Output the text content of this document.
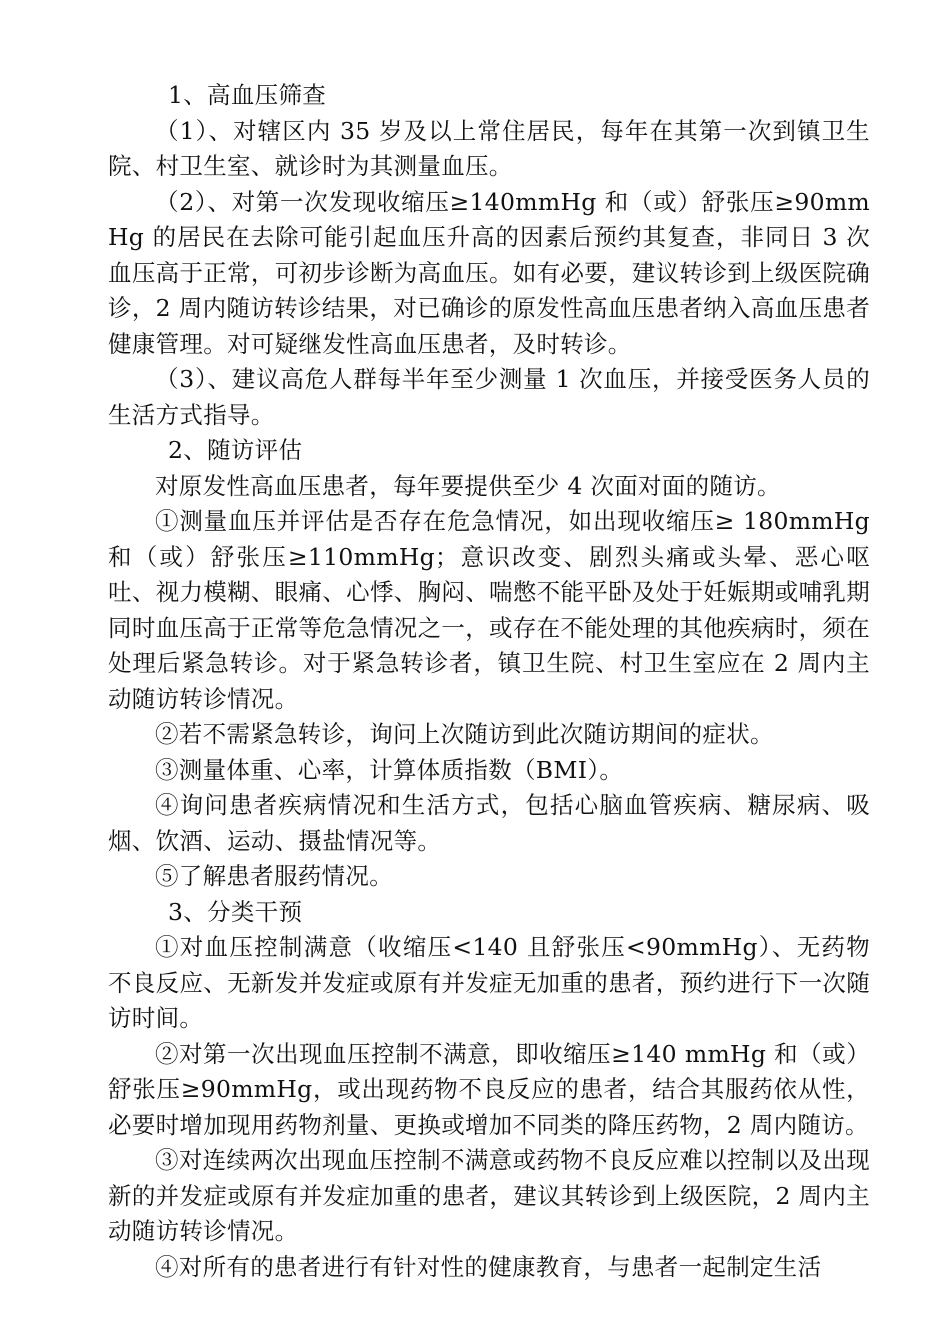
1、高血压筛查

（1）、对辖区内 35 岁及以上常住居民，每年在其第一次到镇卫生院、村卫生室、就诊时为其测量血压。

（2）、对第一次发现收缩压≥140mmHg 和（或）舒张压≥90mmHg 的居民在去除可能引起血压升高的因素后预约其复查，非同日 3 次血压高于正常，可初步诊断为高血压。如有必要，建议转诊到上级医院确诊，2 周内随访转诊结果，对已确诊的原发性高血压患者纳入高血压患者健康管理。对可疑继发性高血压患者，及时转诊。

（3）、建议高危人群每半年至少测量 1 次血压，并接受医务人员的生活方式指导。

2、随访评估

对原发性高血压患者，每年要提供至少 4 次面对面的随访。

①测量血压并评估是否存在危急情况，如出现收缩压≥ 180mmHg 和（或）舒张压≥110mmHg；意识改变、剧烈头痛或头晕、恶心呕吐、视力模糊、眼痛、心悸、胸闷、喘憋不能平卧及处于妊娠期或哺乳期同时血压高于正常等危急情况之一，或存在不能处理的其他疾病时，须在处理后紧急转诊。对于紧急转诊者，镇卫生院、村卫生室应在 2 周内主动随访转诊情况。

②若不需紧急转诊，询问上次随访到此次随访期间的症状。

③测量体重、心率，计算体质指数（BMI）。

④询问患者疾病情况和生活方式，包括心脑血管疾病、糖尿病、吸烟、饮酒、运动、摄盐情况等。

⑤了解患者服药情况。

3、分类干预

①对血压控制满意（收缩压<140 且舒张压<90mmHg）、无药物不良反应、无新发并发症或原有并发症无加重的患者，预约进行下一次随访时间。

②对第一次出现血压控制不满意，即收缩压≥140 mmHg 和（或）舒张压≥90mmHg，或出现药物不良反应的患者，结合其服药依从性，必要时增加现用药物剂量、更换或增加不同类的降压药物，2 周内随访。

③对连续两次出现血压控制不满意或药物不良反应难以控制以及出现新的并发症或原有并发症加重的患者，建议其转诊到上级医院，2 周内主动随访转诊情况。

④对所有的患者进行有针对性的健康教育，与患者一起制定生活
